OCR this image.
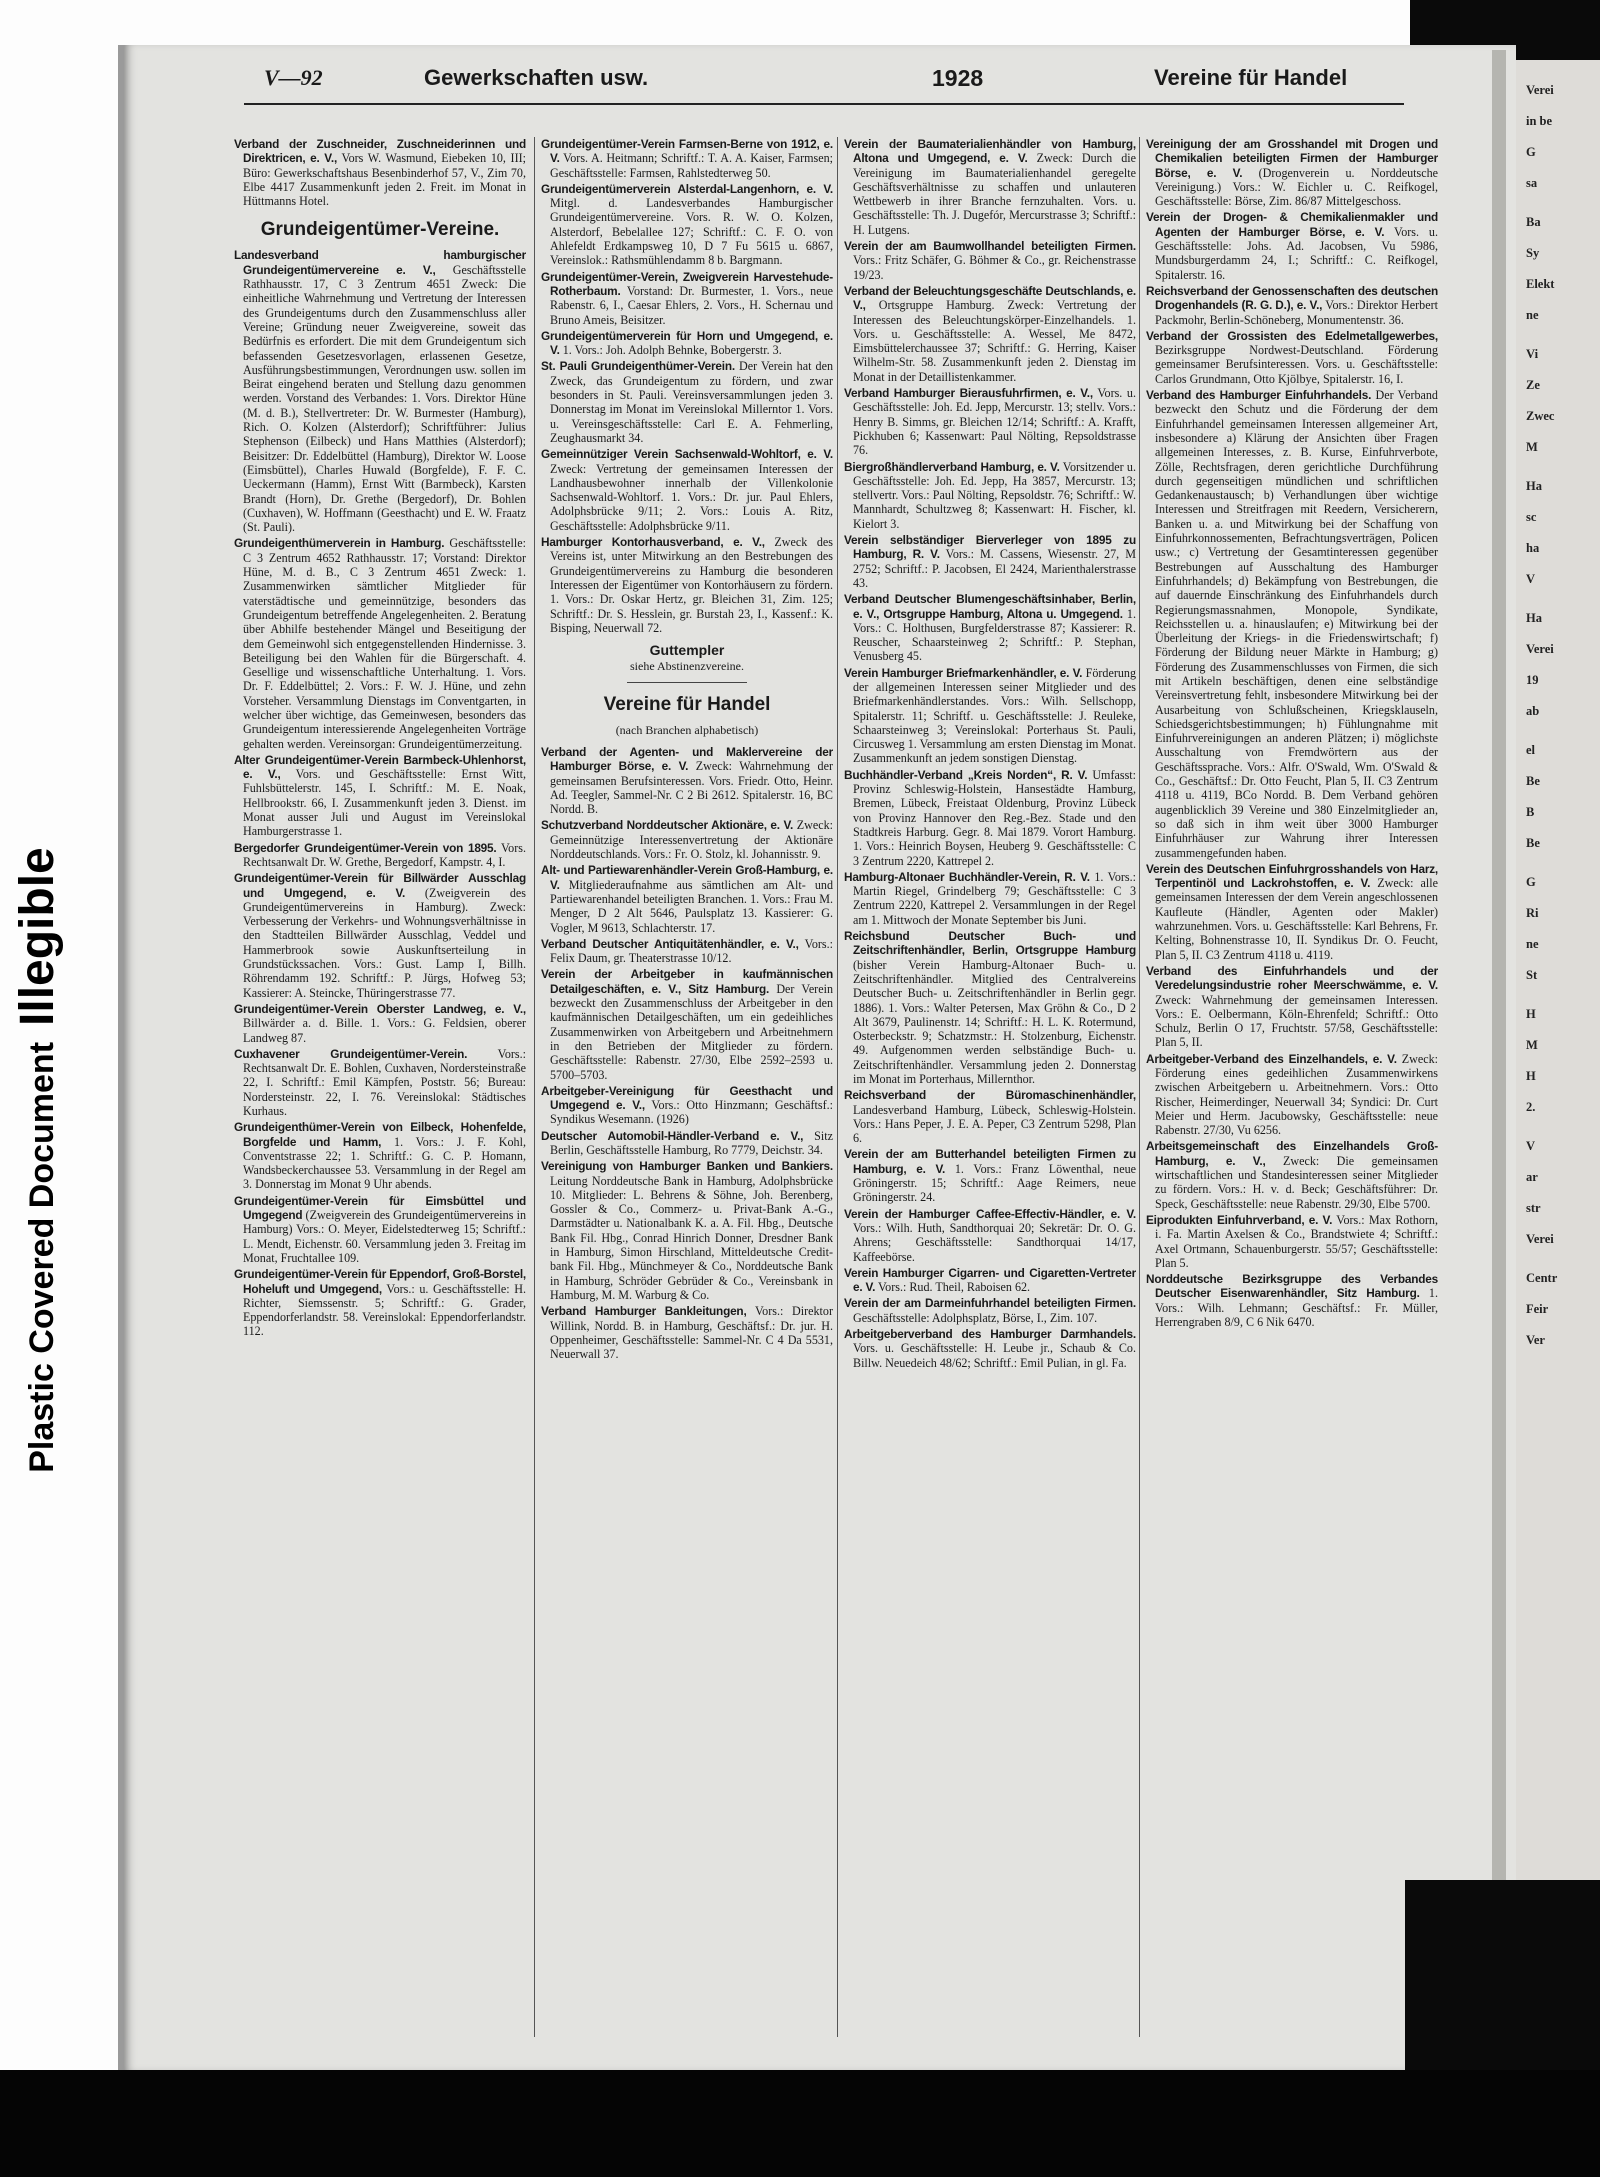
Plastic Covered Document
Illegible
V—92	Gewerkschaften usw.	1928	Vereine für Handel

Verband der Zuschneider, Zuschneiderinnen und Direktricen, e. V., Vors W. Wasmund, Eiebeken 10, III; Büro: Gewerkschaftshaus Besenbinderhof 57, V., Zim 70, Elbe 4417 Zusammenkunft jeden 2. Freit. im Monat in Hüttmanns Hotel.

Grundeigentümer-Vereine.

Landesverband hamburgischer Grundeigentümervereine e. V., Geschäftsstelle Rathhausstr. 17, C 3 Zentrum 4651 Zweck: Die einheitliche Wahrnehmung und Vertretung der Interessen des Grundeigentums durch den Zusammenschluss aller Vereine; Gründung neuer Zweigvereine, soweit das Bedürfnis es erfordert. Die mit dem Grundeigentum sich befassenden Gesetzesvorlagen, erlassenen Gesetze, Ausführungsbestimmungen, Verordnungen usw. sollen im Beirat eingehend beraten und Stellung dazu genommen werden. Vorstand des Verbandes: 1. Vors. Direktor Hüne (M. d. B.), Stellvertreter: Dr. W. Burmester (Hamburg), Rich. O. Kolzen (Alsterdorf); Schriftführer: Julius Stephenson (Eilbeck) und Hans Matthies (Alsterdorf); Beisitzer: Dr. Eddelbüttel (Hamburg), Direktor W. Loose (Eimsbüttel), Charles Huwald (Borgfelde), F. F. C. Ueckermann (Hamm), Ernst Witt (Barmbeck), Karsten Brandt (Horn), Dr. Grethe (Bergedorf), Dr. Bohlen (Cuxhaven), W. Hoffmann (Geesthacht) und E. W. Fraatz (St. Pauli).

Grundeigenthümerverein in Hamburg. Geschäftsstelle: C 3 Zentrum 4652 Rathhausstr. 17; Vorstand: Direktor Hüne, M. d. B., C 3 Zentrum 4651 Zweck: 1. Zusammenwirken sämtlicher Mitglieder für vaterstädtische und gemeinnützige, besonders das Grundeigentum betreffende Angelegenheiten. 2. Beratung über Abhilfe bestehender Mängel und Beseitigung der dem Gemeinwohl sich entgegenstellenden Hindernisse. 3. Beteiligung bei den Wahlen für die Bürgerschaft. 4. Gesellige und wissenschaftliche Unterhaltung. 1. Vors. Dr. F. Eddelbüttel; 2. Vors.: F. W. J. Hüne, und zehn Vorsteher. Versammlung Dienstags im Conventgarten, in welcher über wichtige, das Gemeinwesen, besonders das Grundeigentum interessierende Angelegenheiten Vorträge gehalten werden. Vereinsorgan: Grundeigentümerzeitung.

Alter Grundeigentümer-Verein Barmbeck-Uhlenhorst, e. V., Vors. und Geschäftsstelle: Ernst Witt, Fuhlsbüttelerstr. 145, I. Schriftf.: M. E. Noak, Hellbrookstr. 66, I. Zusammenkunft jeden 3. Dienst. im Monat ausser Juli und August im Vereinslokal Hamburgerstrasse 1.

Bergedorfer Grundeigentümer-Verein von 1895. Vors. Rechtsanwalt Dr. W. Grethe, Bergedorf, Kampstr. 4, I.

Grundeigentümer-Verein für Billwärder Ausschlag und Umgegend, e. V. (Zweigverein des Grundeigentümervereins in Hamburg). Zweck: Verbesserung der Verkehrs- und Wohnungsverhältnisse in den Stadtteilen Billwärder Ausschlag, Veddel und Hammerbrook sowie Auskunftserteilung in Grundstückssachen. Vors.: Gust. Lamp I, Billh. Röhrendamm 192. Schriftf.: P. Jürgs, Hofweg 53; Kassierer: A. Steincke, Thüringerstrasse 77.

Grundeigentümer-Verein Oberster Landweg, e. V., Billwärder a. d. Bille. 1. Vors.: G. Feldsien, oberer Landweg 87.

Cuxhavener Grundeigentümer-Verein.	Vors.: Rechtsanwalt Dr. E. Bohlen, Cuxhaven, Nordersteinstraße 22, I. Schriftf.: Emil Kämpfen, Poststr. 56; Bureau: Nordersteinstr. 22, I. 76. Vereinslokal: Städtisches Kurhaus.

Grundeigenthümer-Verein von Eilbeck, Hohenfelde, Borgfelde und Hamm, 1. Vors.: J. F. Kohl, Conventstrasse 22; 1. Schriftf.: G. C. P. Homann, Wandsbeckerchaussee 53. Versammlung in der Regel am 3. Donnerstag im Monat 9 Uhr abends.

Grundeigentümer-Verein für Eimsbüttel und Umgegend (Zweigverein des Grundeigentümervereins in Hamburg) Vors.: O. Meyer, Eidelstedterweg 15; Schriftf.: L. Mendt, Eichenstr. 60. Versammlung jeden 3. Freitag im Monat, Fruchtallee 109.

Grundeigentümer-Verein für Eppendorf, Groß-Borstel, Hoheluft und Umgegend, Vors.: u. Geschäftsstelle: H. Richter, Siemssenstr. 5; Schriftf.: G. Grader, Eppendorferlandstr. 58. Vereinslokal: Eppendorferlandstr. 112.

Grundeigentümer-Verein Farmsen-Berne von 1912, e. V. Vors. A. Heitmann; Schriftf.: T. A. A. Kaiser, Farmsen; Geschäftsstelle: Farmsen, Rahlstedterweg 50.

Grundeigentümerverein Alsterdal-Langenhorn, e. V. Mitgl. d. Landesverbandes Hamburgischer Grundeigentümervereine. Vors. R. W. O. Kolzen, Alsterdorf, Bebelallee 127; Schriftf.: C. F. O. von Ahlefeldt Erdkampsweg 10, D 7 Fu 5615 u. 6867, Vereinslok.: Rathsmühlendamm 8 b. Bargmann.

Grundeigentümer-Verein, Zweigverein Harvestehude-Rotherbaum. Vorstand: Dr. Burmester, 1. Vors., neue Rabenstr. 6, I., Caesar Ehlers, 2. Vors., H. Schernau und Bruno Ameis, Beisitzer.

Grundeigentümerverein für Horn und Umgegend, e. V. 1. Vors.: Joh. Adolph Behnke, Bobergerstr. 3.

St. Pauli Grundeigenthümer-Verein. Der Verein hat den Zweck, das Grundeigentum zu fördern, und zwar besonders in St. Pauli. Vereinsversammlungen jeden 3. Donnerstag im Monat im Vereinslokal Millerntor 1. Vors. u. Vereinsgeschäftsstelle: Carl E. A. Fehmerling, Zeughausmarkt 34.

Gemeinnütziger Verein Sachsenwald-Wohltorf, e. V. Zweck: Vertretung der gemeinsamen Interessen der Landhausbewohner innerhalb der Villenkolonie Sachsenwald-Wohltorf. 1. Vors.: Dr. jur. Paul Ehlers, Adolphsbrücke 9/11; 2. Vors.: Louis A. Ritz, Geschäftsstelle: Adolphsbrücke 9/11.

Hamburger Kontorhausverband, e. V., Zweck des Vereins ist, unter Mitwirkung an den Bestrebungen des Grundeigentümervereins zu Hamburg die besonderen Interessen der Eigentümer von Kontorhäusern zu fördern. 1. Vors.: Dr. Oskar Hertz, gr. Bleichen 31, Zim. 125; Schriftf.: Dr. S. Hesslein, gr. Burstah 23, I., Kassenf.: K. Bisping, Neuerwall 72.

Guttempler
siehe Abstinenzvereine.
Vereine für Handel
(nach Branchen alphabetisch)

Verband der Agenten- und Maklervereine der Hamburger Börse, e. V. Zweck: Wahrnehmung der gemeinsamen Berufsinteressen. Vors. Friedr. Otto, Heinr. Ad. Teegler, Sammel-Nr. C 2 Bi 2612. Spitalerstr. 16, BC Nordd. B.

Schutzverband Norddeutscher Aktionäre, e. V. Zweck: Gemeinnützige Interessenvertretung der Aktionäre Norddeutschlands. Vors.: Fr. O. Stolz, kl. Johannisstr. 9.

Alt- und Partiewarenhändler-Verein Groß-Hamburg, e. V. Mitgliederaufnahme aus sämtlichen am Alt- und Partiewarenhandel beteiligten Branchen. 1. Vors.: Frau M. Menger, D 2 Alt 5646, Paulsplatz 13. Kassierer: G. Vogler, M 9613, Schlachterstr. 17.

Verband Deutscher Antiquitätenhändler, e. V., Vors.: Felix Daum, gr. Theaterstrasse 10/12.

Verein der Arbeitgeber in kaufmännischen Detailgeschäften, e. V., Sitz Hamburg. Der Verein bezweckt den Zusammenschluss der Arbeitgeber in den kaufmännischen Detailgeschäften, um ein gedeihliches Zusammenwirken von Arbeitgebern und Arbeitnehmern in den Betrieben der Mitglieder zu fördern. Geschäftsstelle: Rabenstr. 27/30, Elbe 2592–2593 u. 5700–5703.

Arbeitgeber-Vereinigung für Geesthacht und Umgegend e. V., Vors.: Otto Hinzmann; Geschäftsf.: Syndikus Wesemann. (1926)

Deutscher Automobil-Händler-Verband e. V., Sitz Berlin, Geschäftsstelle Hamburg, Ro 7779, Deichstr. 34.

Vereinigung von Hamburger Banken und Bankiers. Leitung Norddeutsche Bank in Hamburg, Adolphsbrücke 10. Mitglieder: L. Behrens & Söhne, Joh. Berenberg, Gossler & Co., Commerz- u. Privat-Bank A.-G., Darmstädter u. Nationalbank K. a. A. Fil. Hbg., Deutsche Bank Fil. Hbg., Conrad Hinrich Donner, Dresdner Bank in Hamburg, Simon Hirschland, Mitteldeutsche Credit-bank Fil. Hbg., Münchmeyer & Co., Norddeutsche Bank in Hamburg, Schröder Gebrüder & Co., Vereinsbank in Hamburg, M. M. Warburg & Co.

Verband Hamburger Bankleitungen, Vors.: Direktor Willink, Nordd. B. in Hamburg, Geschäftsf.: Dr. jur. H. Oppenheimer, Geschäftsstelle: Sammel-Nr. C 4 Da 5531, Neuerwall 37.

Verein der Baumaterialienhändler von Hamburg, Altona und Umgegend, e. V. Zweck: Durch die Vereinigung im Baumaterialienhandel geregelte Geschäftsverhältnisse zu schaffen und unlauteren Wettbewerb in ihrer Branche fernzuhalten. Vors. u. Geschäftsstelle: Th. J. Dugefór, Mercurstrasse 3; Schriftf.: H. Lutgens.

Verein der am Baumwollhandel beteiligten Firmen. Vors.: Fritz Schäfer, G. Böhmer & Co., gr. Reichenstrasse 19/23.

Verband der Beleuchtungsgeschäfte Deutschlands, e. V., Ortsgruppe Hamburg. Zweck: Vertretung der Interessen des Beleuchtungskörper-Einzelhandels. 1. Vors. u. Geschäftsstelle: A. Wessel, Me 8472, Eimsbüttelerchaussee 37; Schriftf.: G. Herring, Kaiser Wilhelm-Str. 58. Zusammenkunft jeden 2. Dienstag im Monat in der Detaillistenkammer.

Verband Hamburger Bierausfuhrfirmen, e. V., Vors. u. Geschäftsstelle: Joh. Ed. Jepp, Mercurstr. 13; stellv. Vors.: Henry B. Simms, gr. Bleichen 12/14; Schriftf.: A. Krafft, Pickhuben 6; Kassenwart: Paul Nölting, Repsoldstrasse 76.

Biergroßhändlerverband Hamburg, e. V. Vorsitzender u. Geschäftsstelle: Joh. Ed. Jepp, Ha 3857, Mercurstr. 13; stellvertr. Vors.: Paul Nölting, Repsoldstr. 76; Schriftf.: W. Mannhardt, Schultzweg 8; Kassenwart: H. Fischer, kl. Kielort 3.

Verein selbständiger Bierverleger von 1895 zu Hamburg, R. V. Vors.: M. Cassens, Wiesenstr. 27, M 2752; Schriftf.: P. Jacobsen, El 2424, Marienthalerstrasse 43.

Verband Deutscher Blumengeschäftsinhaber, Berlin, e. V., Ortsgruppe Hamburg, Altona u. Umgegend. 1. Vors.: C. Holthusen, Burgfelderstrasse 87; Kassierer: R. Reuscher, Schaarsteinweg 2; Schriftf.: P. Stephan, Venusberg 45.

Verein Hamburger Briefmarkenhändler, e. V. Förderung der allgemeinen Interessen seiner Mitglieder und des Briefmarkenhändlerstandes. Vors.: Wilh. Sellschopp, Spitalerstr. 11; Schriftf. u. Geschäftsstelle: J. Reuleke, Schaarsteinweg 3; Vereinslokal: Porterhaus St. Pauli, Circusweg 1. Versammlung am ersten Dienstag im Monat. Zusammenkunft an jedem sonstigen Dienstag.

Buchhändler-Verband „Kreis Norden“, R. V. Umfasst: Provinz Schleswig-Holstein, Hansestädte Hamburg, Bremen, Lübeck, Freistaat Oldenburg, Provinz Lübeck von Provinz Hannover den Reg.-Bez. Stade und den Stadtkreis Harburg. Gegr. 8. Mai 1879. Vorort Hamburg. 1. Vors.: Heinrich Boysen, Heuberg 9. Geschäftsstelle: C 3 Zentrum 2220, Kattrepel 2.

Hamburg-Altonaer Buchhändler-Verein, R. V. 1. Vors.: Martin Riegel, Grindelberg 79; Geschäftsstelle: C 3 Zentrum 2220, Kattrepel 2. Versammlungen in der Regel am 1. Mittwoch der Monate September bis Juni.

Reichsbund Deutscher Buch- und Zeitschriftenhändler, Berlin, Ortsgruppe Hamburg (bisher Verein Hamburg-Altonaer Buch- u. Zeitschriftenhändler. Mitglied des Centralvereins Deutscher Buch- u. Zeitschriftenhändler in Berlin gegr. 1886). 1. Vors.: Walter Petersen, Max Gröhn & Co., D 2 Alt 3679, Paulinenstr. 14; Schriftf.: H. L. K. Rotermund, Osterbeckstr. 9; Schatzmstr.: H. Stolzenburg, Eichenstr. 49. Aufgenommen werden selbständige Buch- u. Zeitschriftenhändler. Versammlung jeden 2. Donnerstag im Monat im Porterhaus, Millernthor.

Reichsverband der Büromaschinenhändler, Landesverband Hamburg, Lübeck, Schleswig-Holstein. Vors.: Hans Peper, J. E. A. Peper, C3 Zentrum 5298, Plan 6.

Verein der am Butterhandel beteiligten Firmen zu Hamburg, e. V. 1. Vors.: Franz Löwenthal, neue Gröningerstr. 15; Schriftf.: Aage Reimers, neue Gröningerstr. 24.

Verein der Hamburger Caffee-Effectiv-Händler, e. V. Vors.: Wilh. Huth, Sandthorquai 20; Sekretär: Dr. O. G. Ahrens; Geschäftsstelle: Sandthorquai 14/17, Kaffeebörse.

Verein Hamburger Cigarren- und Cigaretten-Vertreter e. V. Vors.: Rud. Theil, Raboisen 62.

Verein der am Darmeinfuhrhandel beteiligten Firmen. Geschäftsstelle: Adolphsplatz, Börse, I., Zim. 107.

Arbeitgeberverband des Hamburger Darmhandels. Vors. u. Geschäftsstelle: H. Leube jr., Schaub & Co. Billw. Neuedeich 48/62; Schriftf.: Emil Pulian, in gl. Fa.

Vereinigung der am Grosshandel mit Drogen und Chemikalien beteiligten Firmen der Hamburger Börse, e. V. (Drogenverein u. Norddeutsche Vereinigung.) Vors.: W. Eichler u. C. Reifkogel, Geschäftsstelle: Börse, Zim. 86/87 Mittelgeschoss.

Verein der Drogen- & Chemikalienmakler und Agenten der Hamburger Börse, e. V. Vors. u. Geschäftsstelle: Johs. Ad. Jacobsen, Vu 5986, Mundsburgerdamm 24, I.; Schriftf.: C. Reifkogel, Spitalerstr. 16.

Reichsverband der Genossenschaften des deutschen Drogenhandels (R. G. D.), e. V., Vors.: Direktor Herbert Packmohr, Berlin-Schöneberg, Monumentenstr. 36.

Verband der Grossisten des Edelmetallgewerbes, Bezirksgruppe Nordwest-Deutschland. Förderung gemeinsamer Berufsinteressen. Vors. u. Geschäftsstelle: Carlos Grundmann, Otto Kjölbye, Spitalerstr. 16, I.

Verband des Hamburger Einfuhrhandels. Der Verband bezweckt den Schutz und die Förderung der dem Einfuhrhandel gemeinsamen Interessen allgemeiner Art, insbesondere a) Klärung der Ansichten über Fragen allgemeinen Interesses, z. B. Kurse, Einfuhrverbote, Zölle, Rechtsfragen, deren gerichtliche Durchführung durch gegenseitigen mündlichen und schriftlichen Gedankenaustausch; b) Verhandlungen über wichtige Interessen und Streitfragen mit Reedern, Versicherern, Banken u. a. und Mitwirkung bei der Schaffung von Einfuhrkonnossementen, Befrachtungsverträgen, Policen usw.; c) Vertretung der Gesamtinteressen gegenüber Bestrebungen auf Ausschaltung des Hamburger Einfuhrhandels; d) Bekämpfung von Bestrebungen, die auf dauernde Einschränkung des Einfuhrhandels durch Regierungsmassnahmen, Monopole, Syndikate, Reichsstellen u. a. hinauslaufen; e) Mitwirkung bei der Überleitung der Kriegs- in die Friedenswirtschaft; f) Förderung der Bildung neuer Märkte in Hamburg; g) Förderung des Zusammenschlusses von Firmen, die sich mit Artikeln beschäftigen, denen eine selbständige Vereinsvertretung fehlt, insbesondere Mitwirkung bei der Ausarbeitung von Schlußscheinen, Kriegsklauseln, Schiedsgerichtsbestimmungen; h) Fühlungnahme mit Einfuhrvereinigungen an anderen Plätzen; i) möglichste Ausschaltung von Fremdwörtern aus der Geschäftssprache. Vors.: Alfr. O'Swald, Wm. O'Swald & Co., Geschäftsf.: Dr. Otto Feucht, Plan 5, II. C3 Zentrum 4118 u. 4119, BCo Nordd. B. Dem Verband gehören augenblicklich 39 Vereine und 380 Einzelmitglieder an, so daß sich in ihm weit über 3000 Hamburger Einfuhrhäuser zur Wahrung ihrer Interessen zusammengefunden haben.

Verein des Deutschen Einfuhrgrosshandels von Harz, Terpentinöl und Lackrohstoffen, e. V. Zweck: alle gemeinsamen Interessen der dem Verein angeschlossenen Kaufleute (Händler, Agenten oder Makler) wahrzunehmen. Vors. u. Geschäftsstelle: Karl Behrens, Fr. Kelting, Bohnenstrasse 10, II. Syndikus Dr. O. Feucht, Plan 5, II. C3 Zentrum 4118 u. 4119.

Verband des Einfuhrhandels und der Veredelungsindustrie roher Meerschwämme, e. V. Zweck: Wahrnehmung der gemeinsamen Interessen. Vors.: E. Oelbermann, Köln-Ehrenfeld; Schriftf.: Otto Schulz, Berlin O 17, Fruchtstr. 57/58, Geschäftsstelle: Plan 5, II.

Arbeitgeber-Verband des Einzelhandels, e. V. Zweck: Förderung eines gedeihlichen Zusammenwirkens zwischen Arbeitgebern u. Arbeitnehmern. Vors.: Otto Rischer, Heimerdinger, Neuerwall 34; Syndici: Dr. Curt Meier und Herm. Jacubowsky, Geschäftsstelle: neue Rabenstr. 27/30, Vu 6256.

Arbeitsgemeinschaft des Einzelhandels Groß-Hamburg, e. V., Zweck: Die gemeinsamen wirtschaftlichen und Standesinteressen seiner Mitglieder zu fördern. Vors.: H. v. d. Beck; Geschäftsführer: Dr. Speck, Geschäftsstelle: neue Rabenstr. 29/30, Elbe 5700.

Eiprodukten Einfuhrverband, e. V. Vors.: Max Rothorn, i. Fa. Martin Axelsen & Co., Brandstwiete 4; Schriftf.: Axel Ortmann, Schauenburgerstr. 55/57; Geschäftsstelle: Plan 5.

Norddeutsche Bezirksgruppe des Verbandes Deutscher Eisenwarenhändler, Sitz Hamburg. 1. Vors.: Wilh. Lehmann; Geschäftsf.: Fr. Müller, Herrengraben 8/9, C 6 Nik 6470.

Verei
in be
G
sa
Ba
Sy
Elekt
ne
Vi
Ze
Zwec
M
Ha
sc
ha
V
Ha
Verei
19
ab
el
Be
B
Be
G
Ri
ne
St
H
M
H
2.
V
ar
str
Verei
Centr
Feir
Ver
